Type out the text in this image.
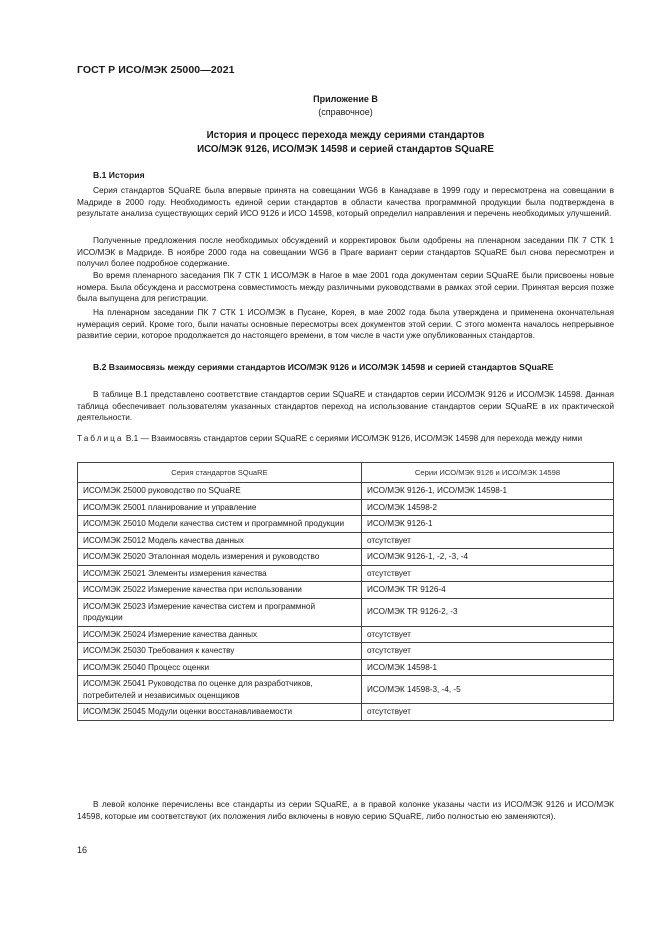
ГОСТ Р ИСО/МЭК 25000—2021
Приложение B
(справочное)
История и процесс перехода между сериями стандартов
ИСО/МЭК 9126, ИСО/МЭК 14598 и серией стандартов SQuaRE
B.1 История
Серия стандартов SQuaRE была впервые принята на совещании WG6 в Канадзаве в 1999 году и пересмотрена на совещании в Мадриде в 2000 году. Необходимость единой серии стандартов в области качества программной продукции была подтверждена в результате анализа существующих серий ИСО 9126 и ИСО 14598, который определил направления и перечень необходимых улучшений.
Полученные предложения после необходимых обсуждений и корректировок были одобрены на пленарном заседании ПК 7 СТК 1 ИСО/МЭК в Мадриде. В ноябре 2000 года на совещании WG6 в Праге вариант серии стандартов SQuaRE был снова пересмотрен и получил более подробное содержание.
Во время пленарного заседания ПК 7 СТК 1 ИСО/МЭК в Нагое в мае 2001 года документам серии SQuaRE были присвоены новые номера. Была обсуждена и рассмотрена совместимость между различными руководствами в рамках этой серии. Принятая версия позже была выпущена для регистрации.
На пленарном заседании ПК 7 СТК 1 ИСО/МЭК в Пусане, Корея, в мае 2002 года была утверждена и применена окончательная нумерация серий. Кроме того, были начаты основные пересмотры всех документов этой серии. С этого момента началось непрерывное развитие серии, которое продолжается до настоящего времени, в том числе в части уже опубликованных стандартов.
B.2 Взаимосвязь между сериями стандартов ИСО/МЭК 9126 и ИСО/МЭК 14598 и серией стандартов SQuaRE
В таблице B.1 представлено соответствие стандартов серии SQuaRE и стандартов серии ИСО/МЭК 9126 и ИСО/МЭК 14598. Данная таблица обеспечивает пользователям указанных стандартов переход на использование стандартов серии SQuaRE в их практической деятельности.
Таблица B.1 — Взаимосвязь стандартов серии SQuaRE с сериями ИСО/МЭК 9126, ИСО/МЭК 14598 для перехода между ними
Серия стандартов SQuaRE	Серии ИСО/МЭК 9126 и ИСО/МЭК 14598
ИСО/МЭК 25000 руководство по SQuaRE	ИСО/МЭК 9126-1, ИСО/МЭК 14598-1
ИСО/МЭК 25001 планирование и управление	ИСО/МЭК 14598-2
ИСО/МЭК 25010 Модели качества систем и программной продукции	ИСО/МЭК 9126-1
ИСО/МЭК 25012 Модель качества данных	отсутствует
ИСО/МЭК 25020 Эталонная модель измерения и руководство	ИСО/МЭК 9126-1, -2, -3, -4
ИСО/МЭК 25021 Элементы измерения качества	отсутствует
ИСО/МЭК 25022 Измерение качества при использовании	ИСО/МЭК TR 9126-4
ИСО/МЭК 25023 Измерение качества систем и программной продукции	ИСО/МЭК TR 9126-2, -3
ИСО/МЭК 25024 Измерение качества данных	отсутствует
ИСО/МЭК 25030 Требования к качеству	отсутствует
ИСО/МЭК 25040 Процесс оценки	ИСО/МЭК 14598-1
ИСО/МЭК 25041 Руководства по оценке для разработчиков, потребителей и независимых оценщиков	ИСО/МЭК 14598-3, -4, -5
ИСО/МЭК 25045 Модули оценки восстанавливаемости	отсутствует
В левой колонке перечислены все стандарты из серии SQuaRE, а в правой колонке указаны части из ИСО/МЭК 9126 и ИСО/МЭК 14598, которые им соответствуют (их положения либо включены в новую серию SQuaRE, либо полностью ею заменяются).
16
